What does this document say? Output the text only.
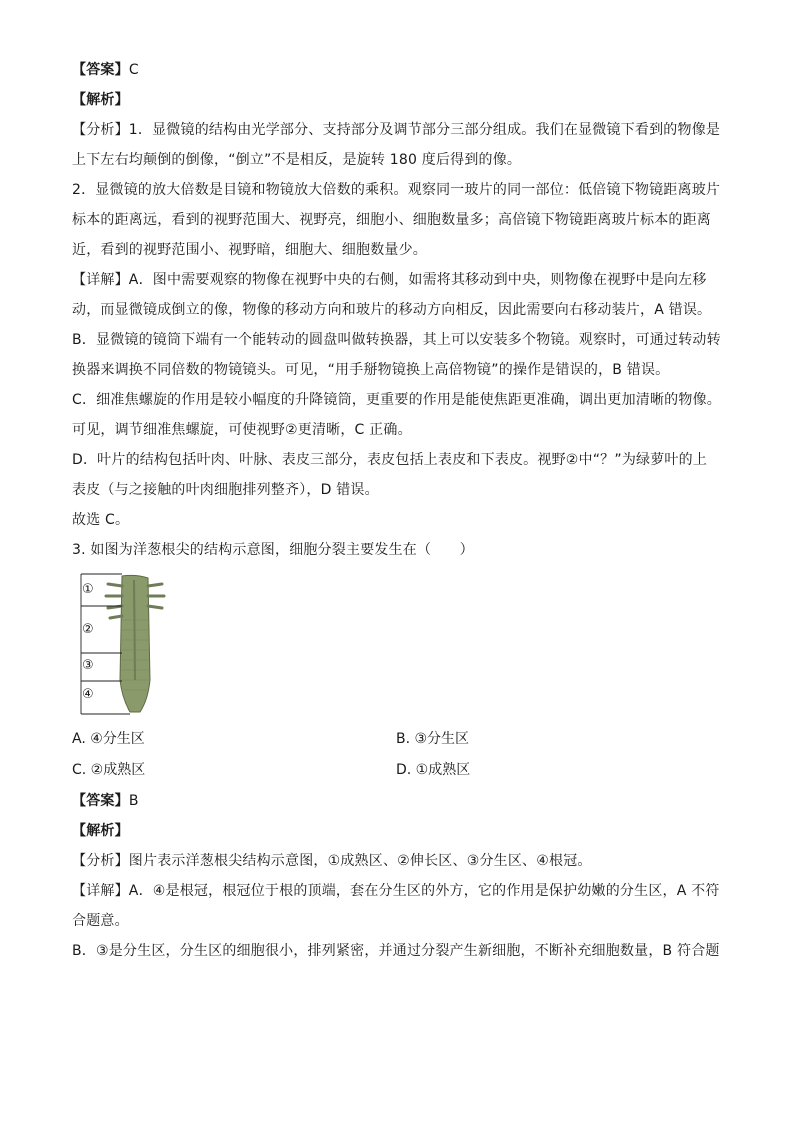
【答案】C
【解析】
【分析】1．显微镜的结构由光学部分、支持部分及调节部分三部分组成。我们在显微镜下看到的物像是
上下左右均颠倒的倒像，“倒立”不是相反，是旋转 180 度后得到的像。
2．显微镜的放大倍数是目镜和物镜放大倍数的乘积。观察同一玻片的同一部位：低倍镜下物镜距离玻片
标本的距离远，看到的视野范围大、视野亮，细胞小、细胞数量多；高倍镜下物镜距离玻片标本的距离
近，看到的视野范围小、视野暗，细胞大、细胞数量少。
【详解】A．图中需要观察的物像在视野中央的右侧，如需将其移动到中央，则物像在视野中是向左移
动，而显微镜成倒立的像，物像的移动方向和玻片的移动方向相反，因此需要向右移动装片，A 错误。
B．显微镜的镜筒下端有一个能转动的圆盘叫做转换器，其上可以安装多个物镜。观察时，可通过转动转
换器来调换不同倍数的物镜镜头。可见，“用手掰物镜换上高倍物镜”的操作是错误的，B 错误。
C．细准焦螺旋的作用是较小幅度的升降镜筒，更重要的作用是能使焦距更准确，调出更加清晰的物像。
可见，调节细准焦螺旋，可使视野②更清晰，C 正确。
D．叶片的结构包括叶肉、叶脉、表皮三部分，表皮包括上表皮和下表皮。视野②中“？”为绿萝叶的上
表皮（与之接触的叶肉细胞排列整齐），D 错误。
故选 C。
3. 如图为洋葱根尖的结构示意图，细胞分裂主要发生在（　　）
①
②
③
④
A. ④分生区	B. ③分生区
C. ②成熟区	D. ①成熟区
【答案】B
【解析】
【分析】图片表示洋葱根尖结构示意图，①成熟区、②伸长区、③分生区、④根冠。
【详解】A．④是根冠，根冠位于根的顶端，套在分生区的外方，它的作用是保护幼嫩的分生区，A 不符
合题意。
B．③是分生区，分生区的细胞很小，排列紧密，并通过分裂产生新细胞，不断补充细胞数量，B 符合题
